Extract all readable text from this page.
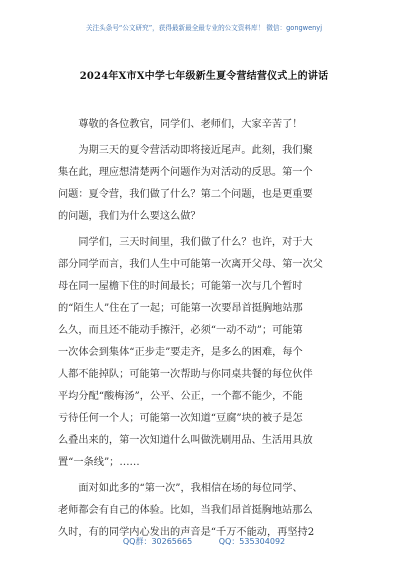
关注头条号“公文研究”，获得最新最全最专业的公文资料库！ 微信：gongwenyj
2024年X市X中学七年级新生夏令营结营仪式上的讲话
　　尊敬的各位教官，同学们、老师们，大家辛苦了！
　　为期三天的夏令营活动即将接近尾声。此刻，我们聚
集在此，理应想清楚两个问题作为对活动的反思。第一个
问题：夏令营，我们做了什么？第二个问题，也是更重要
的问题，我们为什么要这么做？
　　同学们，三天时间里，我们做了什么？也许，对于大
部分同学而言，我们人生中可能第一次离开父母、第一次父
母在同一屋檐下住的时间最长；可能第一次与几个暂时
的“陌生人”住在了一起；可能第一次要昂首挺胸地站那
么久，而且还不能动手擦汗，必须“一动不动”；可能第
一次体会到集体“正步走”要走齐，是多么的困难，每个
人都不能掉队；可能第一次帮助与你同桌共餐的每位伙伴
平均分配“酸梅汤”，公平、公正，一个都不能少，不能
亏待任何一个人；可能第一次知道“豆腐”块的被子是怎
么叠出来的，第一次知道什么叫做洗刷用品、生活用具放
置“一条线”；……
　　面对如此多的“第一次”，我相信在场的每位同学、
老师都会有自己的体验。比如，当我们昂首挺胸地站那么
久时，有的同学内心发出的声音是“千万不能动，再坚持2
QQ群：30265665	QQ：535304092
